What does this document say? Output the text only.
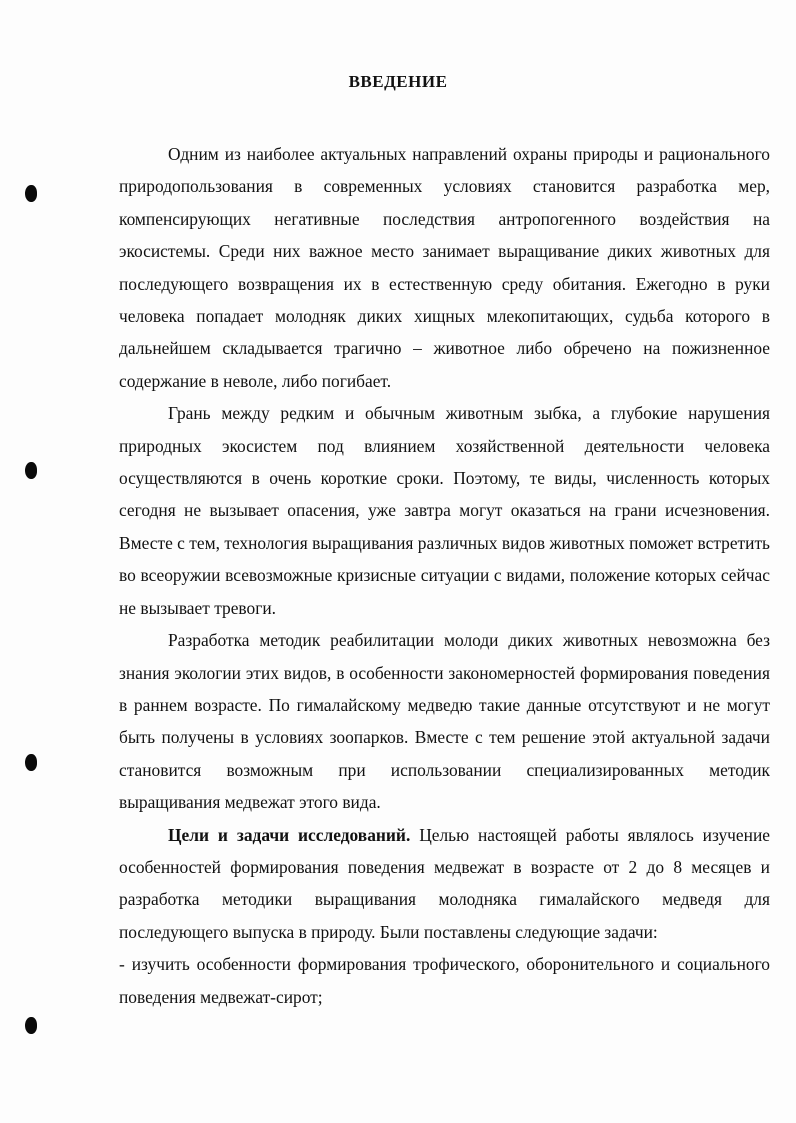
ВВЕДЕНИЕ

Одним из наиболее актуальных направлений охраны природы и рационального природопользования в современных условиях становится разработка мер, компенсирующих негативные последствия антропогенного воздействия на экосистемы. Среди них важное место занимает выращивание диких животных для последующего возвращения их в естественную среду обитания. Ежегодно в руки человека попадает молодняк диких хищных млекопитающих, судьба которого в дальнейшем складывается трагично – животное либо обречено на пожизненное содержание в неволе, либо погибает.

Грань между редким и обычным животным зыбка, а глубокие нарушения природных экосистем под влиянием хозяйственной деятельности человека осуществляются в очень короткие сроки. Поэтому, те виды, численность которых сегодня не вызывает опасения, уже завтра могут оказаться на грани исчезновения. Вместе с тем, технология выращивания различных видов животных поможет встретить во всеоружии всевозможные кризисные ситуации с видами, положение которых сейчас не вызывает тревоги.

Разработка методик реабилитации молоди диких животных невозможна без знания экологии этих видов, в особенности закономерностей формирования поведения в раннем возрасте. По гималайскому медведю такие данные отсутствуют и не могут быть получены в условиях зоопарков. Вместе с тем решение этой актуальной задачи становится возможным при использовании специализированных методик выращивания медвежат этого вида.

Цели и задачи исследований. Целью настоящей работы являлось изучение особенностей формирования поведения медвежат в возрасте от 2 до 8 месяцев и разработка методики выращивания молодняка гималайского медведя для последующего выпуска в природу. Были поставлены следующие задачи:

- изучить особенности формирования трофического, оборонительного и социального поведения медвежат-сирот;
